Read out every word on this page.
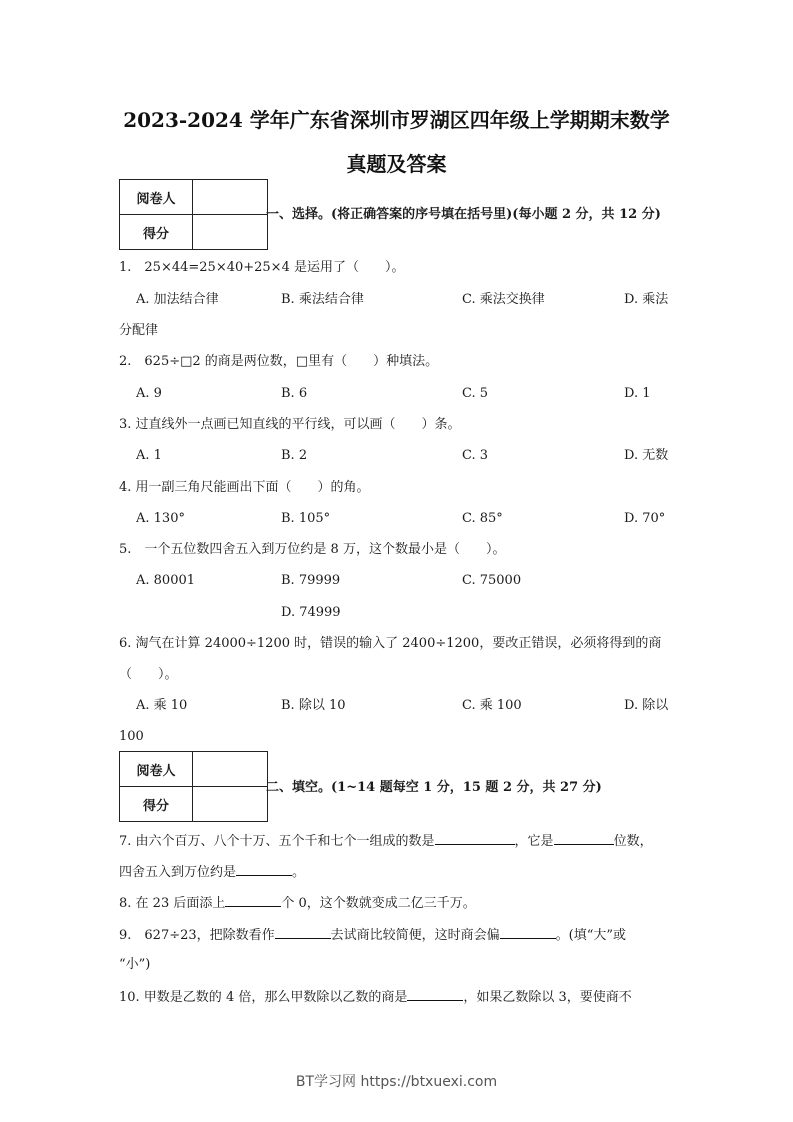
2023-2024 学年广东省深圳市罗湖区四年级上学期期末数学
真题及答案
阅卷人	
得分	
一、选择。(将正确答案的序号填在括号里)(每小题 2 分，共 12 分)
1.　25×44=25×40+25×4 是运用了（　　）。
A. 加法结合律	B. 乘法结合律	C. 乘法交换律	D. 乘法
分配律
2.　625÷□2 的商是两位数，□里有（　　）种填法。
A. 9	B. 6	C. 5	D. 1
3. 过直线外一点画已知直线的平行线，可以画（　　）条。
A. 1	B. 2	C. 3	D. 无数
4. 用一副三角尺能画出下面（　　）的角。
A. 130°	B. 105°	C. 85°	D. 70°
5.　一个五位数四舍五入到万位约是 8 万，这个数最小是（　　）。
A. 80001	B. 79999	C. 75000
D. 74999
6. 淘气在计算 24000÷1200 时，错误的输入了 2400÷1200，要改正错误，必须将得到的商
（　　）。
A. 乘 10	B. 除以 10	C. 乘 100	D. 除以
100
阅卷人	
得分	
二、填空。(1~14 题每空 1 分，15 题 2 分，共 27 分)
7. 由六个百万、八个十万、五个千和七个一组成的数是	，它是	位数，
四舍五入到万位约是	。
8. 在 23 后面添上	个 0，这个数就变成二亿三千万。
9.　627÷23，把除数看作	去试商比较简便，这时商会偏	。(填“大”或
“小”)
10. 甲数是乙数的 4 倍，那么甲数除以乙数的商是	，如果乙数除以 3，要使商不
BT学习网 https://btxuexi.com
